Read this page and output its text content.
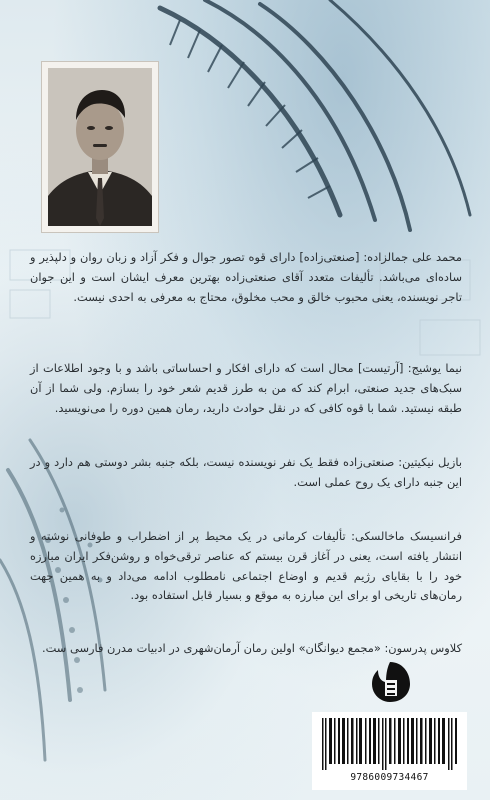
محمد علی جمالزاده: [صنعتی‌زاده] دارای قوه تصور جوال و فکر آزاد و زبان روان و دلپذیر و ساده‌ای می‌باشد. تألیفات متعدد آقای صنعتی‌زاده بهترین معرف ایشان است و این جوان تاجر نویسنده، یعنی محبوب خالق و محب مخلوق، محتاج به معرفی به احدی نیست.

نیما یوشیج: [آرتیست] محال است که دارای افکار و احساساتی باشد و با وجود اطلاعات از سبک‌های جدید صنعتی، ابرام کند که من به طرز قدیم شعر خود را بسازم. ولی شما از آن طبقه نیستید. شما با قوه کافی که در نقل حوادث دارید، رمان همین دوره را می‌نویسید.

بازیل نیکیتین: صنعتی‌زاده فقط یک نفر نویسنده نیست، بلکه جنبه بشر دوستی هم دارد و در این جنبه دارای یک روح عملی است.

فرانسیسک ماخالسکی: تألیفات کرمانی در یک محیط پر از اضطراب و طوفانی نوشته و انتشار یافته است، یعنی در آغاز قرن بیستم که عناصر ترقی‌خواه و روشن‌فکر ایران مبارزه خود را با بقایای رژیم قدیم و اوضاع اجتماعی نامطلوب ادامه می‌داد و به همین جهت رمان‌های تاریخی او برای این مبارزه به موقع و بسیار قابل استفاده بود.

کلاوس پدرسون: «مجمع دیوانگان» اولین رمان آرمان‌شهری در ادبیات مدرن فارسی ست.

9786009734467
